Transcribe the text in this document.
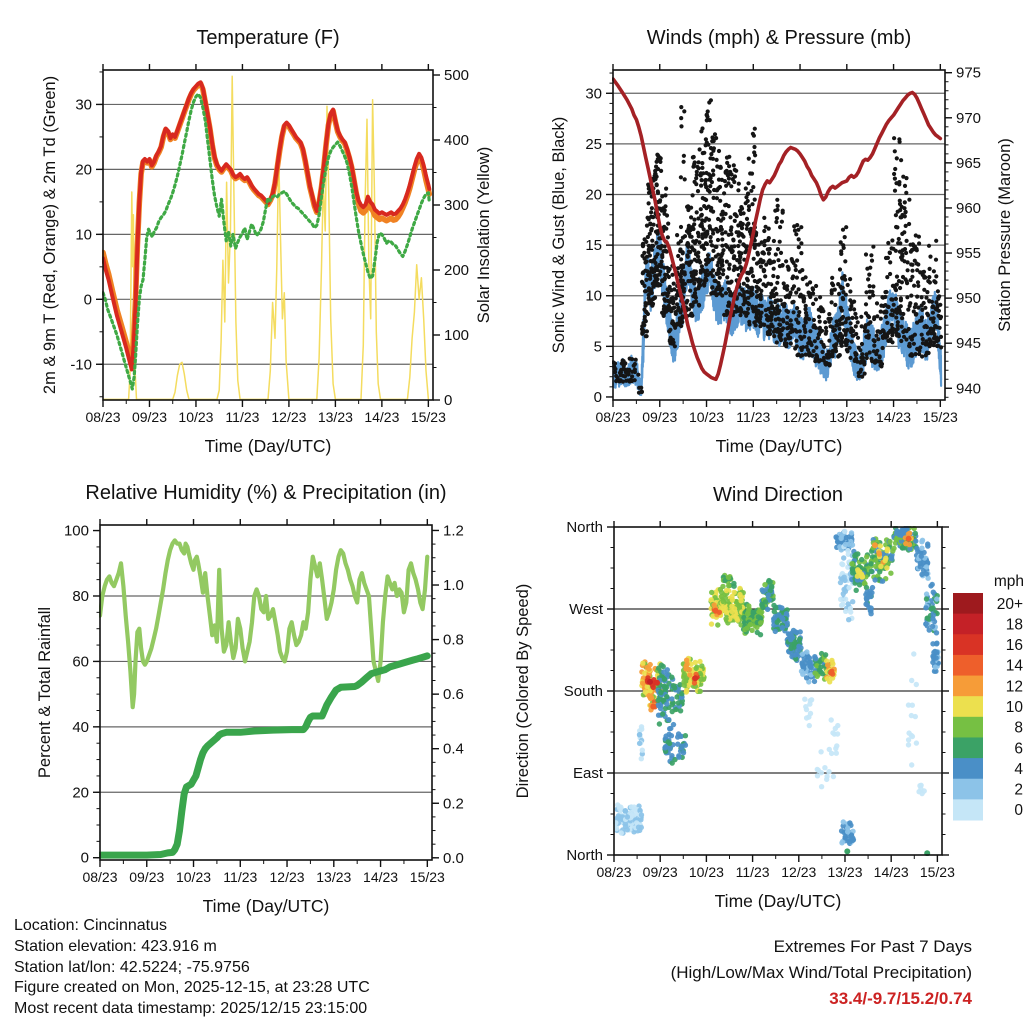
08/23 09/23 10/23 11/23 12/23 13/23 14/23 15/23
Time (Day/UTC)
-10
0
10
20
30
2m & 9m T (Red, Orange) & 2m Td (Green)
0
100
200
300
400
500
Solar Insolation (Yellow)
Temperature (F)
08/23 09/23 10/23 11/23 12/23 13/23 14/23 15/23
Time (Day/UTC)
0
5
10
15
20
25
30
Sonic Wind & Gust (Blue, Black)
940
945
950
955
960
965
970
975
Station Pressure (Maroon)
Winds (mph) & Pressure (mb)
08/23 09/23 10/23 11/23 12/23 13/23 14/23 15/23
Time (Day/UTC)
0
20
40
60
80
100
Percent & Total Rainfall
0.0
0.2
0.4
0.6
0.8
1.0
1.2
Relative Humidity (%) & Precipitation (in)
08/23 09/23 10/23 11/23 12/23 13/23 14/23 15/23
Time (Day/UTC)
North
East
South
West
North
Direction (Colored By Speed)
Wind Direction
20+
18
16
14
12
10
8
6
4
2
0
mph
Location: Cincinnatus
Station elevation: 423.916 m
Station lat/lon: 42.5224; -75.9756
Figure created on Mon, 2025-12-15, at 23:28 UTC
Most recent data timestamp: 2025/12/15 23:15:00
Extremes For Past 7 Days
(High/Low/Max Wind/Total Precipitation)
33.4/-9.7/15.2/0.74
